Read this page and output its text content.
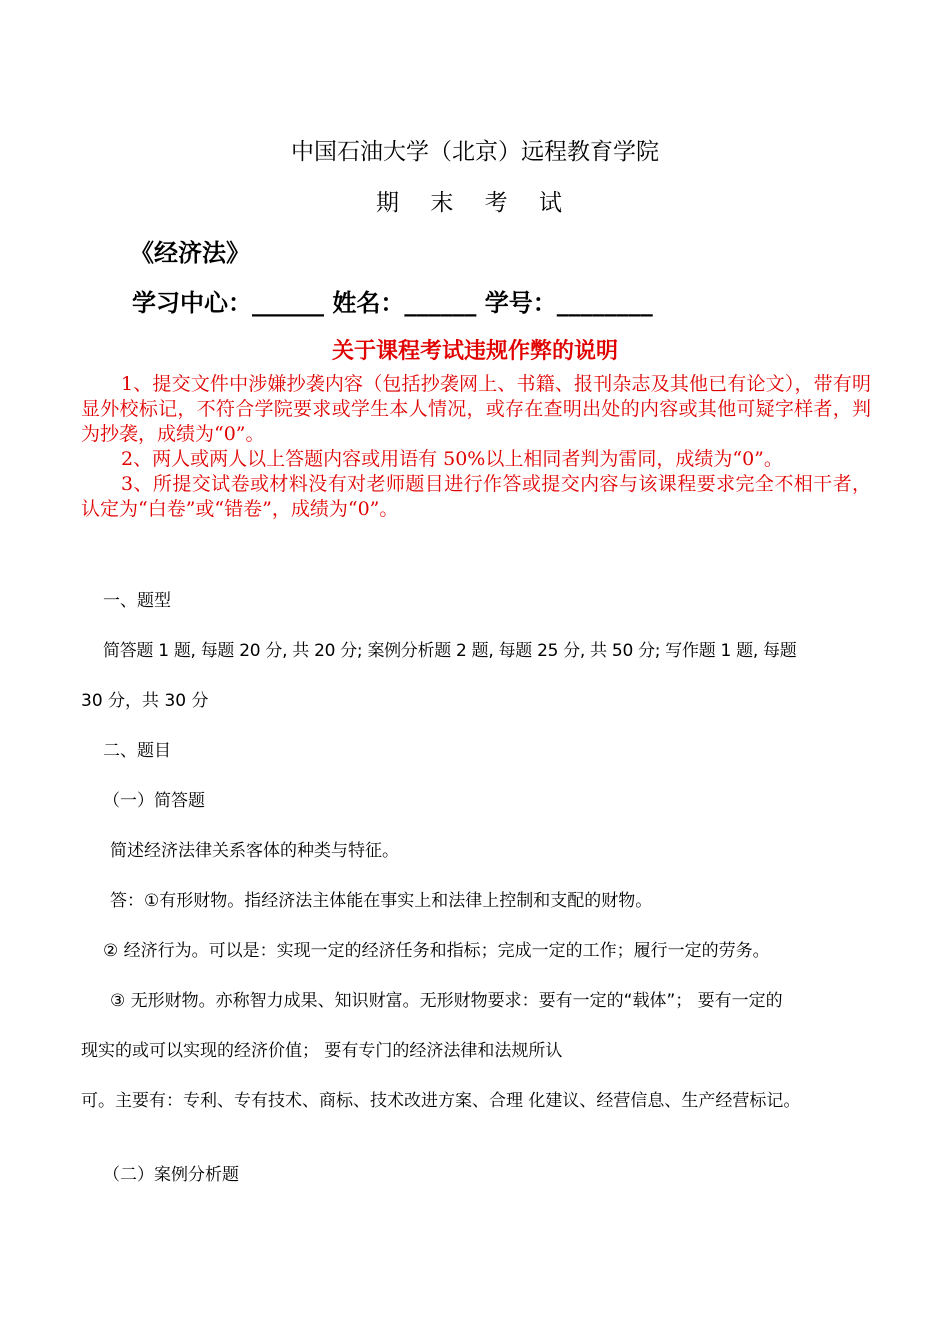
中国石油大学（北京）远程教育学院
期 末 考 试
《经济法》
学习中心：______ 姓名：______ 学号：________
关于课程考试违规作弊的说明

1、提交文件中涉嫌抄袭内容（包括抄袭网上、书籍、报刊杂志及其他已有论文），带有明显外校标记，不符合学院要求或学生本人情况，或存在查明出处的内容或其他可疑字样者，判为抄袭，成绩为“0”。

2、两人或两人以上答题内容或用语有 50%以上相同者判为雷同，成绩为“0”。

3、所提交试卷或材料没有对老师题目进行作答或提交内容与该课程要求完全不相干者，认定为“白卷”或“错卷”，成绩为“0”。

一、题型
简答题 1 题, 每题 20 分, 共 20 分; 案例分析题 2 题, 每题 25 分, 共 50 分; 写作题 1 题, 每题
30 分，共 30 分
二、题目
（一）简答题
简述经济法律关系客体的种类与特征。
答：①有形财物。指经济法主体能在事实上和法律上控制和支配的财物。
② 经济行为。可以是：实现一定的经济任务和指标；完成一定的工作；履行一定的劳务。
③ 无形财物。亦称智力成果、知识财富。无形财物要求：要有一定的“载体”； 要有一定的
现实的或可以实现的经济价值； 要有专门的经济法律和法规所认
可。主要有：专利、专有技术、商标、技术改进方案、合理 化建议、经营信息、生产经营标记。
（二）案例分析题
